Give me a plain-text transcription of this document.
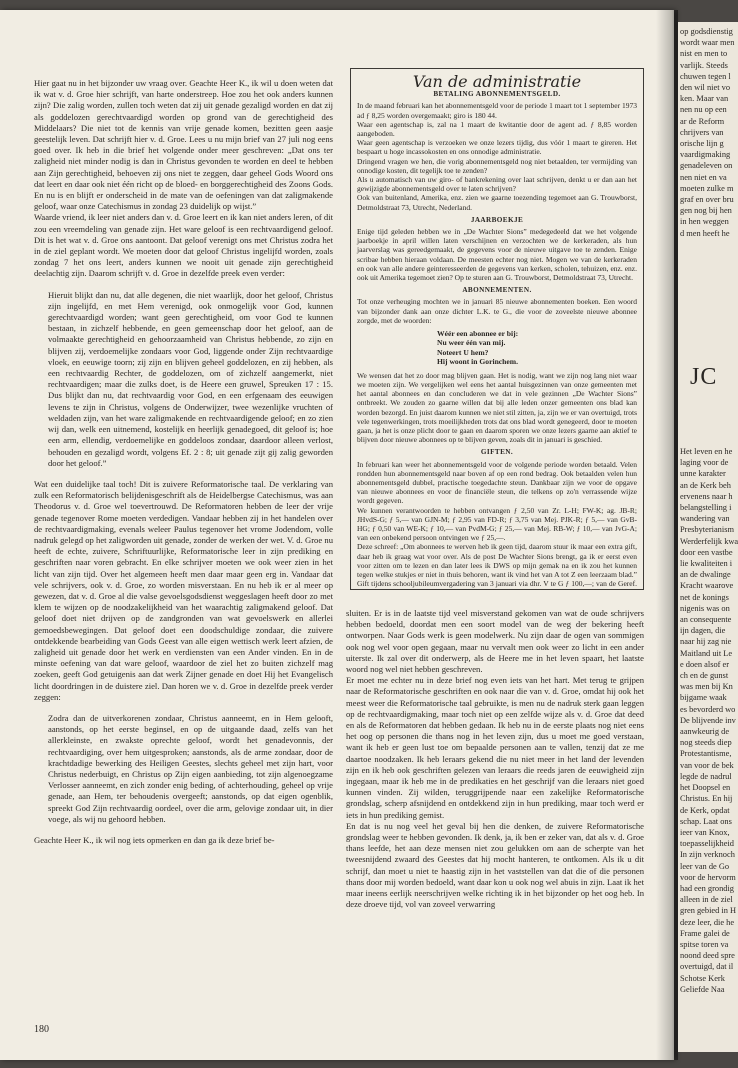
Hier gaat nu in het bijzonder uw vraag over. Geachte Heer K., ik wil u doen weten dat ik wat v. d. Groe hier schrijft, van harte onderstreep. Hoe zou het ook anders kunnen zijn? Die zalig worden, zullen toch weten dat zij uit genade gezaligd worden en dat zij als goddelozen gerechtvaardigd worden op grond van de gerechtigheid des Middelaars? Die niet tot de kennis van vrije genade komen, bezitten geen aasje geestelijk leven. Dat schrijft hier v. d. Groe. Lees u nu mijn brief van 27 juli nog eens goed over. Ik heb in die brief het volgende onder meer geschreven: „Dat ons ter zaligheid niet minder nodig is dan in Christus gevonden te worden en deel te hebben aan Zijn gerechtigheid, behoeven zij ons niet te zeggen, daar geheel Gods Woord ons dat leert en daar ook niet één richt op de bloed- en borggerechtigheid des Zoons Gods. En nu is en blijft er onderscheid in de mate van de oefeningen van dat zaligmakende geloof, waar onze Catechismus in zondag 23 duidelijk op wijst.”

Waarde vriend, ik leer niet anders dan v. d. Groe leert en ik kan niet anders leren, of dit zou een vreemdeling van genade zijn. Het ware geloof is een rechtvaardigend geloof. Dit is het wat v. d. Groe ons aantoont. Dat geloof verenigt ons met Christus zodra het in de ziel geplant wordt. We moeten door dat geloof Christus ingelijfd worden, zoals zondag 7 het ons leert, anders kunnen we nooit uit genade zijn gerechtigheid deelachtig zijn. Daarom schrijft v. d. Groe in dezelfde preek even verder:

Hieruit blijkt dan nu, dat alle degenen, die niet waarlijk, door het geloof, Christus zijn ingelijfd, en met Hem verenigd, ook onmogelijk voor God, kunnen gerechtvaardigd worden; want geen gerechtigheid, om voor God te kunnen bestaan, in zichzelf hebbende, en geen gemeenschap door het geloof, aan de volmaakte gerechtigheid en gehoorzaamheid van Christus hebbende, zo zijn en blijven zij, verdoemelijke zondaars voor God, liggende onder Zijn rechtvaardige vloek, en eeuwige toorn; zij zijn en blijven geheel goddelozen, en zij hebben, als een rechtvaardig Rechter, de goddelozen, om of zichzelf aangemerkt, niet rechtvaardigen; maar die zulks doet, is de Heere een gruwel, Spreuken 17 : 15. Dus blijkt dan nu, dat rechtvaardig voor God, en een erfgenaam des eeuwigen levens te zijn in Christus, volgens de Onderwijzer, twee wezenlijke vruchten of weldaden zijn, van het ware zaligmakende en rechtvaardigende geloof; en zo zien wij dan, welk een uitnemend, kostelijk en heerlijk genadegoed, dit geloof is; hoe een arm, ellendig, verdoemelijke en goddeloos zondaar, daardoor alleen verlost, behouden en gezaligd wordt, volgens Ef. 2 : 8; uit genade zijt gij zalig geworden door het geloof.”

Wat een duidelijke taal toch! Dit is zuivere Reformatorische taal. De verklaring van zulk een Reformatorisch belijdenisgeschrift als de Heidelbergse Catechismus, was aan Theodorus v. d. Groe wel toevertrouwd. De Reformatoren hebben de leer der vrije genade tegenover Rome moeten verdedigen. Vandaar hebben zij in het handelen over de rechtvaardigmaking, evenals weleer Paulus tegenover het vrome Jodendom, volle nadruk gelegd op het zaligworden uit genade, zonder de werken der wet. V. d. Groe nu heeft de echte, zuivere, Schriftuurlijke, Reformatorische leer in zijn prediking en geschriften naar voren gebracht. En elke schrijver moeten we ook weer zien in het licht van zijn tijd. Over het algemeen heeft men daar maar geen erg in. Vandaar dat vele schrijvers, ook v. d. Groe, zo worden misverstaan. En nu heb ik er al meer op gewezen, dat v. d. Groe al die valse gevoelsgodsdienst weggeslagen heeft door zo met klem te wijzen op de noodzakelijkheid van het waarachtig zaligmakend geloof. Dat geloof doet niet drijven op de zandgronden van wat gevoelswerk en allerlei gemoedsbewegingen. Dat geloof doet een doodschuldige zondaar, die zuivere ontdekkende bearbeiding van Gods Geest van alle eigen wettisch werk leert afzien, de zaligheid uit genade door het werk en verdiensten van een Ander vinden. En in de minste oefening van dat ware geloof, waardoor de ziel het zo buiten zichzelf mag zoeken, geeft God getuigenis aan dat werk Zijner genade en doet Hij het Evangelisch licht doordringen in de duistere ziel. Dan horen we v. d. Groe in dezelfde preek verder zeggen:

Zodra dan de uitverkorenen zondaar, Christus aanneemt, en in Hem gelooft, aanstonds, op het eerste beginsel, en op de uitgaande daad, zelfs van het allerkleinste, en zwakste oprechte geloof, wordt het genadevonnis, der rechtvaardiging, over hem uitgesproken; aanstonds, als de arme zondaar, door de krachtdadige bewerking des Heiligen Geestes, slechts geheel met zijn hart, voor Christus nederbuigt, en Christus op Zijn eigen aanbieding, tot zijn algenoegzame Verlosser aanneemt, en zich zonder enig beding, of achterhouding, geheel op vrije genade, aan Hem, ter behoudenis overgeeft; aanstonds, op dat eigen ogenblik, spreekt God Zijn rechtvaardig oordeel, over die arm, gelovige zondaar uit, in dier voege, als wij nu gehoord hebben.

Geachte Heer K., ik wil nog iets opmerken en dan ga ik deze brief be-

Van de administratie
BETALING ABONNEMENTSGELD.

In de maand februari kan het abonnementsgeld voor de periode 1 maart tot 1 september 1973 ad ƒ 8,25 worden overgemaakt; giro is 180 44.

Waar een agentschap is, zal na 1 maart de kwitantie door de agent ad. ƒ 8,85 worden aangeboden.

Waar geen agentschap is verzoeken we onze lezers tijdig, dus vóór 1 maart te gireren. Het bespaart u hoge incassokosten en ons onnodige administratie.

Dringend vragen we hen, die vorig abonnementsgeld nog niet betaalden, ter vermijding van onnodige kosten, dit tegelijk toe te zenden?

Als u automatisch van uw giro- of bankrekening over laat schrijven, denkt u er dan aan het gewijzigde abonnementsgeld over te laten schrijven?

Ook van buitenland, Amerika, enz. zien we gaarne toezending tegemoet aan G. Trouwborst, Detmoldstraat 73, Utrecht, Nederland.

JAARBOEKJE

Enige tijd geleden hebben we in „De Wachter Sions” medegedeeld dat we het volgende jaarboekje in april willen laten verschijnen en verzochten we de kerkeraden, als hun jaarverslag was gereedgemaakt, de gegevens voor de nieuwe uitgave toe te zenden. Enige scribae hebben hieraan voldaan. De meesten echter nog niet. Mogen we van de kerkeraden en ook van alle andere geinteresseerden de gegevens van kerken, scholen, tehuizen, enz. enz. ook uit Amerika tegemoet zien? Op te sturen aan G. Trouwborst, Detmoldstraat 73, Utrecht.

ABONNEMENTEN.

Tot onze verheuging mochten we in januari 85 nieuwe abonnementen boeken. Een woord van bijzonder dank aan onze dichter L.K. te G., die voor de zoveelste nieuwe abonnee zorgde, met de woorden:

Wéér een abonnee er bij:
Nu weer één van mij.
Noteert U hem?
Hij woont in Gorinchem.

We wensen dat het zo door mag blijven gaan. Het is nodig, want we zijn nog lang niet waar we moeten zijn. We vergelijken wel eens het aantal huisgezinnen van onze gemeenten met het aantal abonnees en dan concluderen we dat in vele gezinnen „De Wachter Sions” ontbreekt. We zouden zo gaarne willen dat bij alle leden onzer gemeenten ons blad kan worden bezorgd. En juist daarom kunnen we niet stil zitten, ja, zijn we er van overtuigd, trots vele tegenwerkingen, trots moeilijkheden trots dat ons blad wordt genegeerd, door te moeten gaan, ja het is onze plicht door te gaan en daarom sporen we onze lezers gaarne aan aktief te blijven door nieuwe abonnees op te blijven geven, zoals dit in januari is geschied.

GIFTEN.

In februari kan weer het abonnementsgeld voor de volgende periode worden betaald. Velen rondden hun abonnementsgeld naar boven af op een rond bedrag. Ook betaalden velen hun abonnementsgeld dubbel, practische toegedachte steun. Dankbaar zijn we voor de opgave van nieuwe abonnees en voor de financiële steun, die telkens op zo'n verrassende wijze wordt gegeven.

We kunnen verantwoorden te hebben ontvangen ƒ 2,50 van Zr. L-H; FW-K; ag. JB-R; JHvdS-G; ƒ 5,— van GJN-M; ƒ 2,95 van FD-R; ƒ 3,75 van Mej. PJK-R; ƒ 5,— van GvB-HG; ƒ 0,50 van WE-K; ƒ 10,— van PvdM-G; ƒ 25,— van Mej. RB-W; ƒ 10,— van JvG-A; van een onbekend persoon ontvingen we ƒ 25,—.

Deze schreef: „Om abonnees te werven heb ik geen tijd, daarom stuur ik maar een extra gift, daar heb ik graag wat voor over. Als de post De Wachter Sions brengt, ga ik er eerst even voor zitten om te lezen en dan later lees ik DWS op mijn gemak na en ik zou het kunnen tegen welke stukjes er niet in thuis behoren, want ik vind het van A tot Z een leerzaam blad.” Gift tijdens schooljubileumvergadering van 3 januari via dhr. V te G ƒ 100,—; van de Geref.

sluiten. Er is in de laatste tijd veel misverstand gekomen van wat de oude schrijvers hebben bedoeld, doordat men een soort model van de weg der bekering heeft ontworpen. Naar Gods werk is geen modelwerk. Nu zijn daar de ogen van sommigen ook nog wel voor open gegaan, maar nu vervalt men ook weer zo licht in een ander uiterste. Ik zal over dit onderwerp, als de Heere me in het leven spaart, het laatste woord nog wel niet hebben geschreven.

Er moet me echter nu in deze brief nog even iets van het hart. Met terug te grijpen naar de Reformatorische geschriften en ook naar die van v. d. Groe, omdat hij ook het meest weer die Reformatorische taal gebruikte, is men nu de nadruk sterk gaan leggen op de rechtvaardigmaking, maar toch niet op een zelfde wijze als v. d. Groe dat deed en als de Reformatoren dat hebben gedaan. Ik heb nu in de eerste plaats nog niet eens het oog op personen die thans nog in het leven zijn, dus u moet me goed verstaan, want ik heb er geen lust toe om bepaalde personen aan te vallen, tenzij dat ze me daartoe noodzaken. Ik heb leraars gekend die nu niet meer in het land der levenden zijn en ik heb ook geschriften gelezen van leraars die reeds jaren de eeuwigheid zijn ingegaan, maar ik heb me in de predikaties en het geschrijf van die leraars niet goed kunnen vinden. Zij wilden, teruggrijpende naar een zakelijke Reformatorische grondslag, scherp afsnijdend en ontdekkend zijn in hun prediking, maar toch werd er iets in hun prediking gemist.

En dat is nu nog veel het geval bij hen die denken, de zuivere Reformatorische grondslag weer te hebben gevonden. Ik denk, ja, ik ben er zeker van, dat als v. d. Groe thans leefde, het aan deze mensen niet zou gelukken om aan de scherpte van het tweesnijdend zwaard des Geestes dat hij mocht hanteren, te ontkomen. Als ik u dit schrijf, dan moet u niet te haastig zijn in het vaststellen van dat die of die personen thans door mij worden bedoeld, want daar kon u ook nog wel abuis in zijn. Laat ik het maar ineens eerlijk neerschrijven welke richting ik in het bijzonder op het oog heb. In deze droeve tijd, vol van zoveel verwarring

180
op godsdienstig
wordt waar men
nist en men to
varlijk. Steeds
chuwen tegen l
den wil niet vo
ken. Maar van
nen nu op een
ar de Reform
chrijvers van
orische lijn g
vaardigmaking
genadeleven on
nen niet en va
moeten zulke m
graf en over bru
gen nog bij hen
in hen weggen
d men heeft he
JC
Het leven en he
laging voor de
unne karakter
an de Kerk beh
ervenens naar h
belangstelling i
wandering van
Presbyterianism
Werderfelijk kwa
door een vastbe
lie kwaliteiten i
an de dwalinge
Kracht waarove
net de konings
nigenis was on
an consequente
ijn dagen, die
naar hij zag nie
Maitland uit Le
e doen alsof er
ch en de gunst
was men bij Kn
bijgame waak
es bevorderd wo
De blijvende inv
aanwkeurig de
nog steeds diep
Protestantisme,
van voor de bek
legde de nadrul
het Doopsel en
Christus. En hij
de Kerk, opdat
schap. Laat ons
ieer van Knox,
toepasselijkheid
In zijn verknoch
leer van de Go
voor de hervorm
had een grondig
alleen in de ziel
gren gebied in H
deze leer, die he
Frame galei de
spitse toren va
noond deed spre
overtuigd, dat il
Schotse Kerk
Geliefde Naa
